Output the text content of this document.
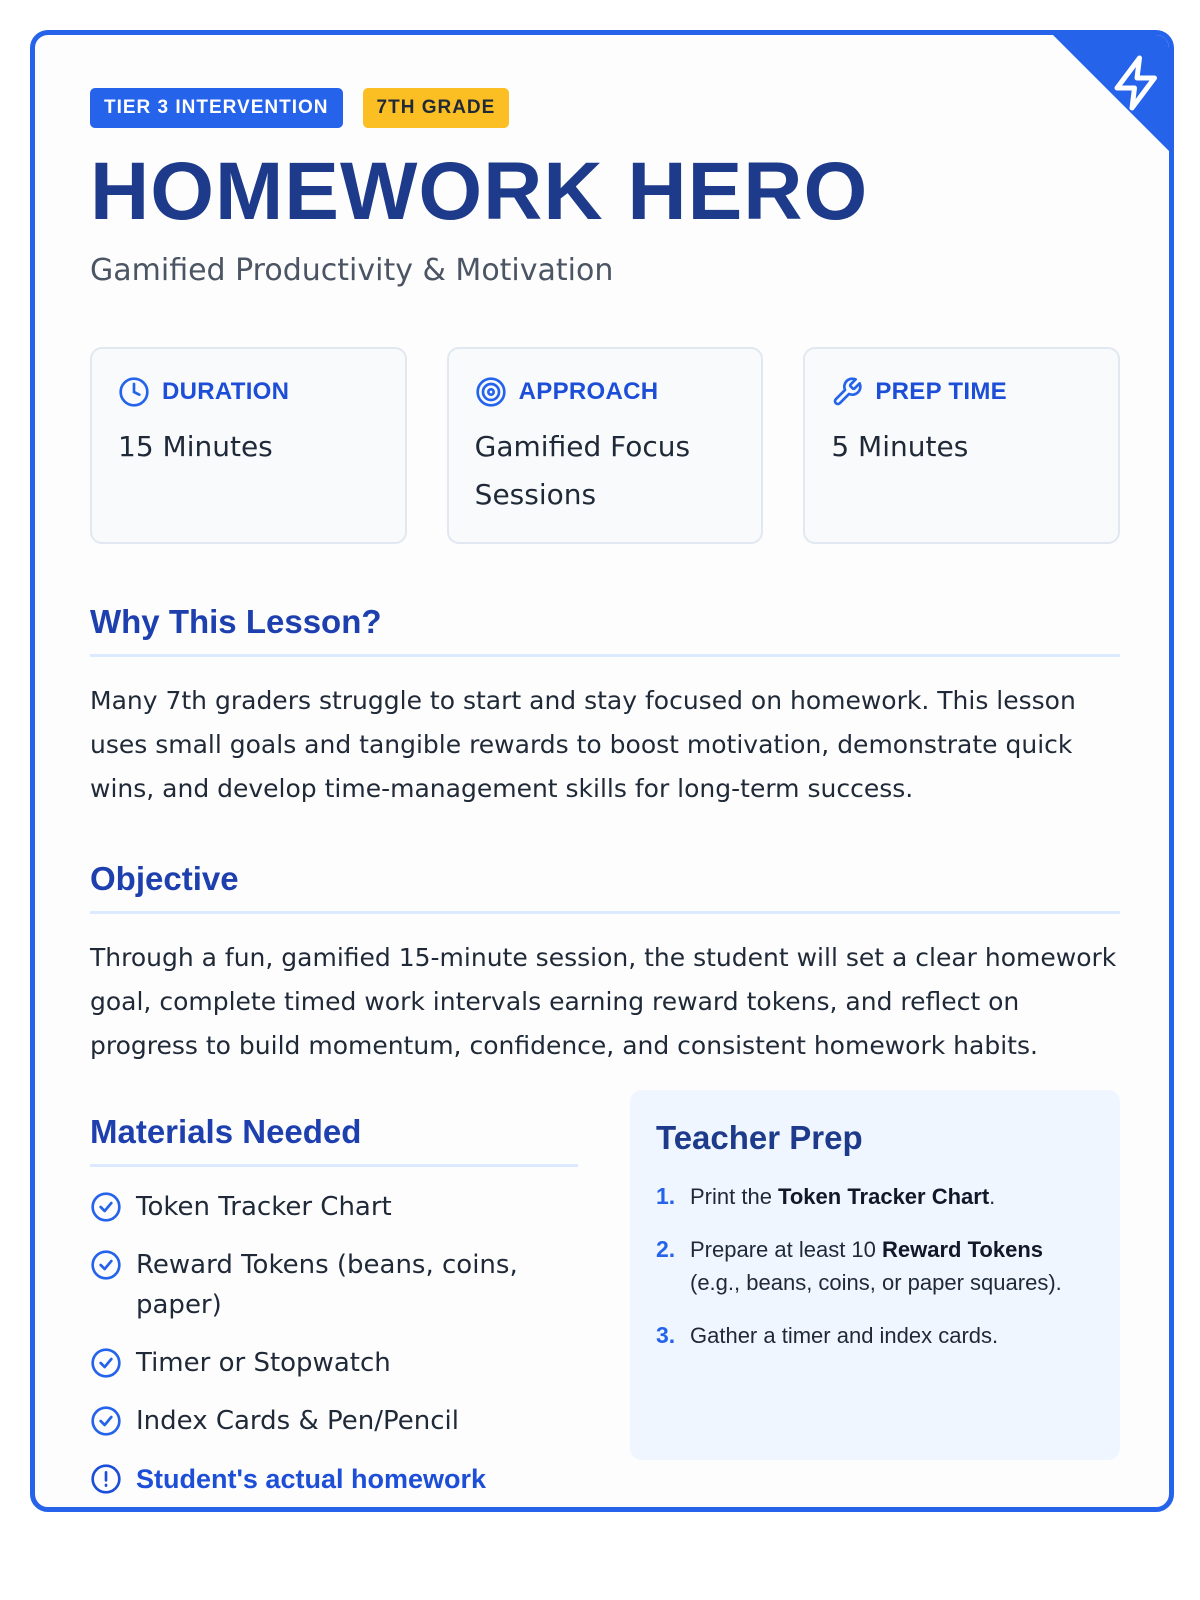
TIER 3 INTERVENTION	7TH GRADE
HOMEWORK HERO
Gamified Productivity & Motivation
DURATION
15 Minutes
APPROACH
Gamified Focus Sessions
PREP TIME
5 Minutes
Why This Lesson?

Many 7th graders struggle to start and stay focused on homework. This lesson uses small goals and tangible rewards to boost motivation, demonstrate quick wins, and develop time-management skills for long-term success.

Objective

Through a fun, gamified 15-minute session, the student will set a clear homework goal, complete timed work intervals earning reward tokens, and reflect on progress to build momentum, confidence, and consistent homework habits.

Materials Needed
Token Tracker Chart
Reward Tokens (beans, coins, paper)
Timer or Stopwatch
Index Cards & Pen/Pencil
Student's actual homework
Teacher Prep
1. Print the Token Tracker Chart.
2. Prepare at least 10 Reward Tokens (e.g., beans, coins, or paper squares).
3. Gather a timer and index cards.
